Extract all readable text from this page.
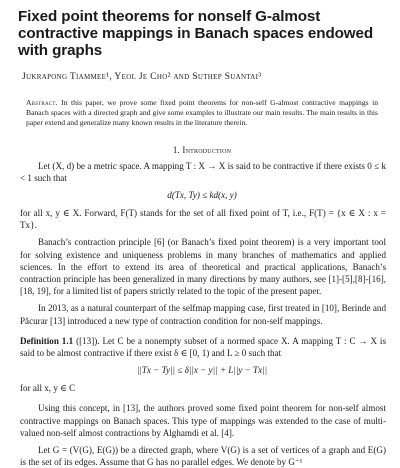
Fixed point theorems for nonself G-almost contractive mappings in Banach spaces endowed with graphs
Jukrapong Tiammee¹, Yeol Je Cho² and Suthep Suantai³
Abstract. In this paper, we prove some fixed point theorems for non-self G-almost contractive mappings in Banach spaces with a directed graph and give some examples to illustrate our main results. The main results in this paper extend and generalize many known results in the literature therein.
1. Introduction

Let (X, d) be a metric space. A mapping T : X → X is said to be contractive if there exists 0 ≤ k < 1 such that

d(Tx, Ty) ≤ kd(x, y)

for all x, y ∈ X. Forward, F(T) stands for the set of all fixed point of T, i.e., F(T) = {x ∈ X : x = Tx}.

Banach’s contraction principle [6] (or Banach’s fixed point theorem) is a very important tool for solving existence and uniqueness problems in many branches of mathematics and applied sciences. In the effort to extend its area of theoretical and practical applications, Banach’s contraction principle has been generalized in many directions by many authors, see [1]-[5],[8]-[16],[18, 19], for a limited list of papers strictly related to the topic of the present paper.

In 2013, as a natural counterpart of the selfmap mapping case, first treated in [10], Berinde and Păcurar [13] introduced a new type of contraction condition for non-self mappings.

Definition 1.1 ([13]). Let C be a nonempty subset of a normed space X. A mapping T : C → X is said to be almost contractive if there exist δ ∈ [0, 1) and L ≥ 0 such that

||Tx − Ty|| ≤ δ||x − y|| + L||y − Tx||

for all x, y ∈ C

Using this concept, in [13], the authors proved some fixed point theorem for non-self almost contractive mappings on Banach spaces. This type of mappings was extended to the case of multi-valued non-self almost contractions by Alghamdi et al. [4].

Let G = (V(G), E(G)) be a directed graph, where V(G) is a set of vertices of a graph and E(G) is the set of its edges. Assume that G has no parallel edges. We denote by G⁻¹
